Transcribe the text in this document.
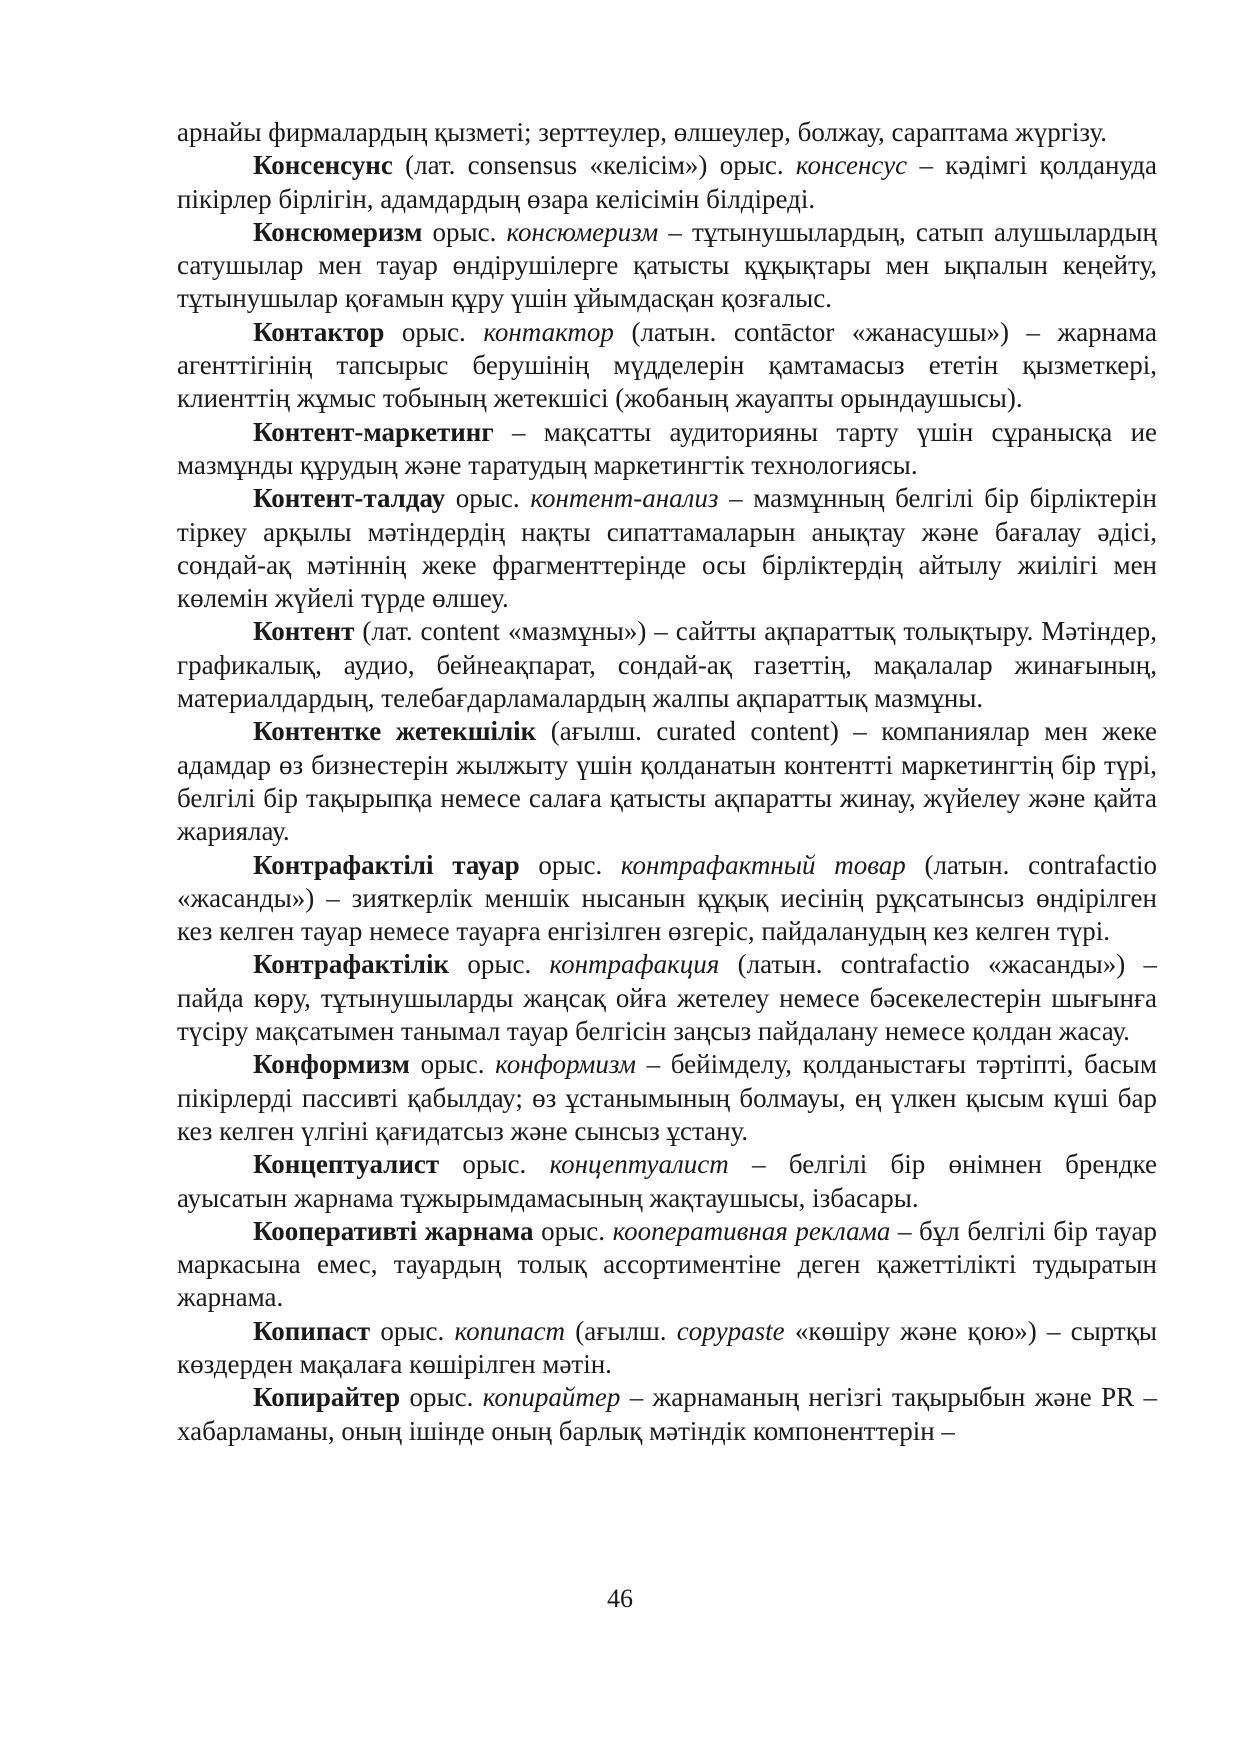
арнайы фирмалардың қызметі; зерттеулер, өлшеулер, болжау, сараптама жүргізу.

Консенсунс (лат. consensus «келісім») орыс. консенсус – кәдімгі қолдануда пікірлер бірлігін, адамдардың өзара келісімін білдіреді.

Консюмеризм орыс. консюмеризм – тұтынушылардың, сатып алушылардың сатушылар мен тауар өндірушілерге қатысты құқықтары мен ықпалын кеңейту, тұтынушылар қоғамын құру үшін ұйымдасқан қозғалыс.

Контактор орыс. контактор (латын. contāctor «жанасушы») – жарнама агенттігінің тапсырыс берушінің мүдделерін қамтамасыз ететін қызметкері, клиенттің жұмыс тобының жетекшісі (жобаның жауапты орындаушысы).

Контент-маркетинг – мақсатты аудиторияны тарту үшін сұранысқа ие мазмұнды құрудың және таратудың маркетингтік технологиясы.

Контент-талдау орыс. контент-анализ – мазмұнның белгілі бір бірліктерін тіркеу арқылы мәтіндердің нақты сипаттамаларын анықтау және бағалау әдісі, сондай-ақ мәтіннің жеке фрагменттерінде осы бірліктердің айтылу жиілігі мен көлемін жүйелі түрде өлшеу.

Контент (лат. content «мазмұны») – сайтты ақпараттық толықтыру. Мәтіндер, графикалық, аудио, бейнеақпарат, сондай-ақ газеттің, мақалалар жинағының, материалдардың, телебағдарламалардың жалпы ақпараттық мазмұны.

Контентке жетекшілік (ағылш. curated content) – компаниялар мен жеке адамдар өз бизнестерін жылжыту үшін қолданатын контентті маркетингтің бір түрі, белгілі бір тақырыпқа немесе салаға қатысты ақпаратты жинау, жүйелеу және қайта жариялау.

Контрафактілі тауар орыс. контрафактный товар (латын. contrafactio «жасанды») – зияткерлік меншік нысанын құқық иесінің рұқсатынсыз өндірілген кез келген тауар немесе тауарға енгізілген өзгеріс, пайдаланудың кез келген түрі.

Контрафактілік орыс. контрафакция (латын. contrafactio «жасанды») – пайда көру, тұтынушыларды жаңсақ ойға жетелеу немесе бәсекелестерін шығынға түсіру мақсатымен танымал тауар белгісін заңсыз пайдалану немесе қолдан жасау.

Конформизм орыс. конформизм – бейімделу, қолданыстағы тәртіпті, басым пікірлерді пассивті қабылдау; өз ұстанымының болмауы, ең үлкен қысым күші бар кез келген үлгіні қағидатсыз және сынсыз ұстану.

Концептуалист орыс. концептуалист – белгілі бір өнімнен брендке ауысатын жарнама тұжырымдамасының жақтаушысы, ізбасары.

Кооперативті жарнама орыс. кооперативная реклама – бұл белгілі бір тауар маркасына емес, тауардың толық ассортиментіне деген қажеттілікті тудыратын жарнама.

Копипаст орыс. копипаст (ағылш. copypaste «көшіру және қою») – сыртқы көздерден мақалаға көшірілген мәтін.

Копирайтер орыс. копирайтер – жарнаманың негізгі тақырыбын және PR – хабарламаны, оның ішінде оның барлық мәтіндік компоненттерін –

46
